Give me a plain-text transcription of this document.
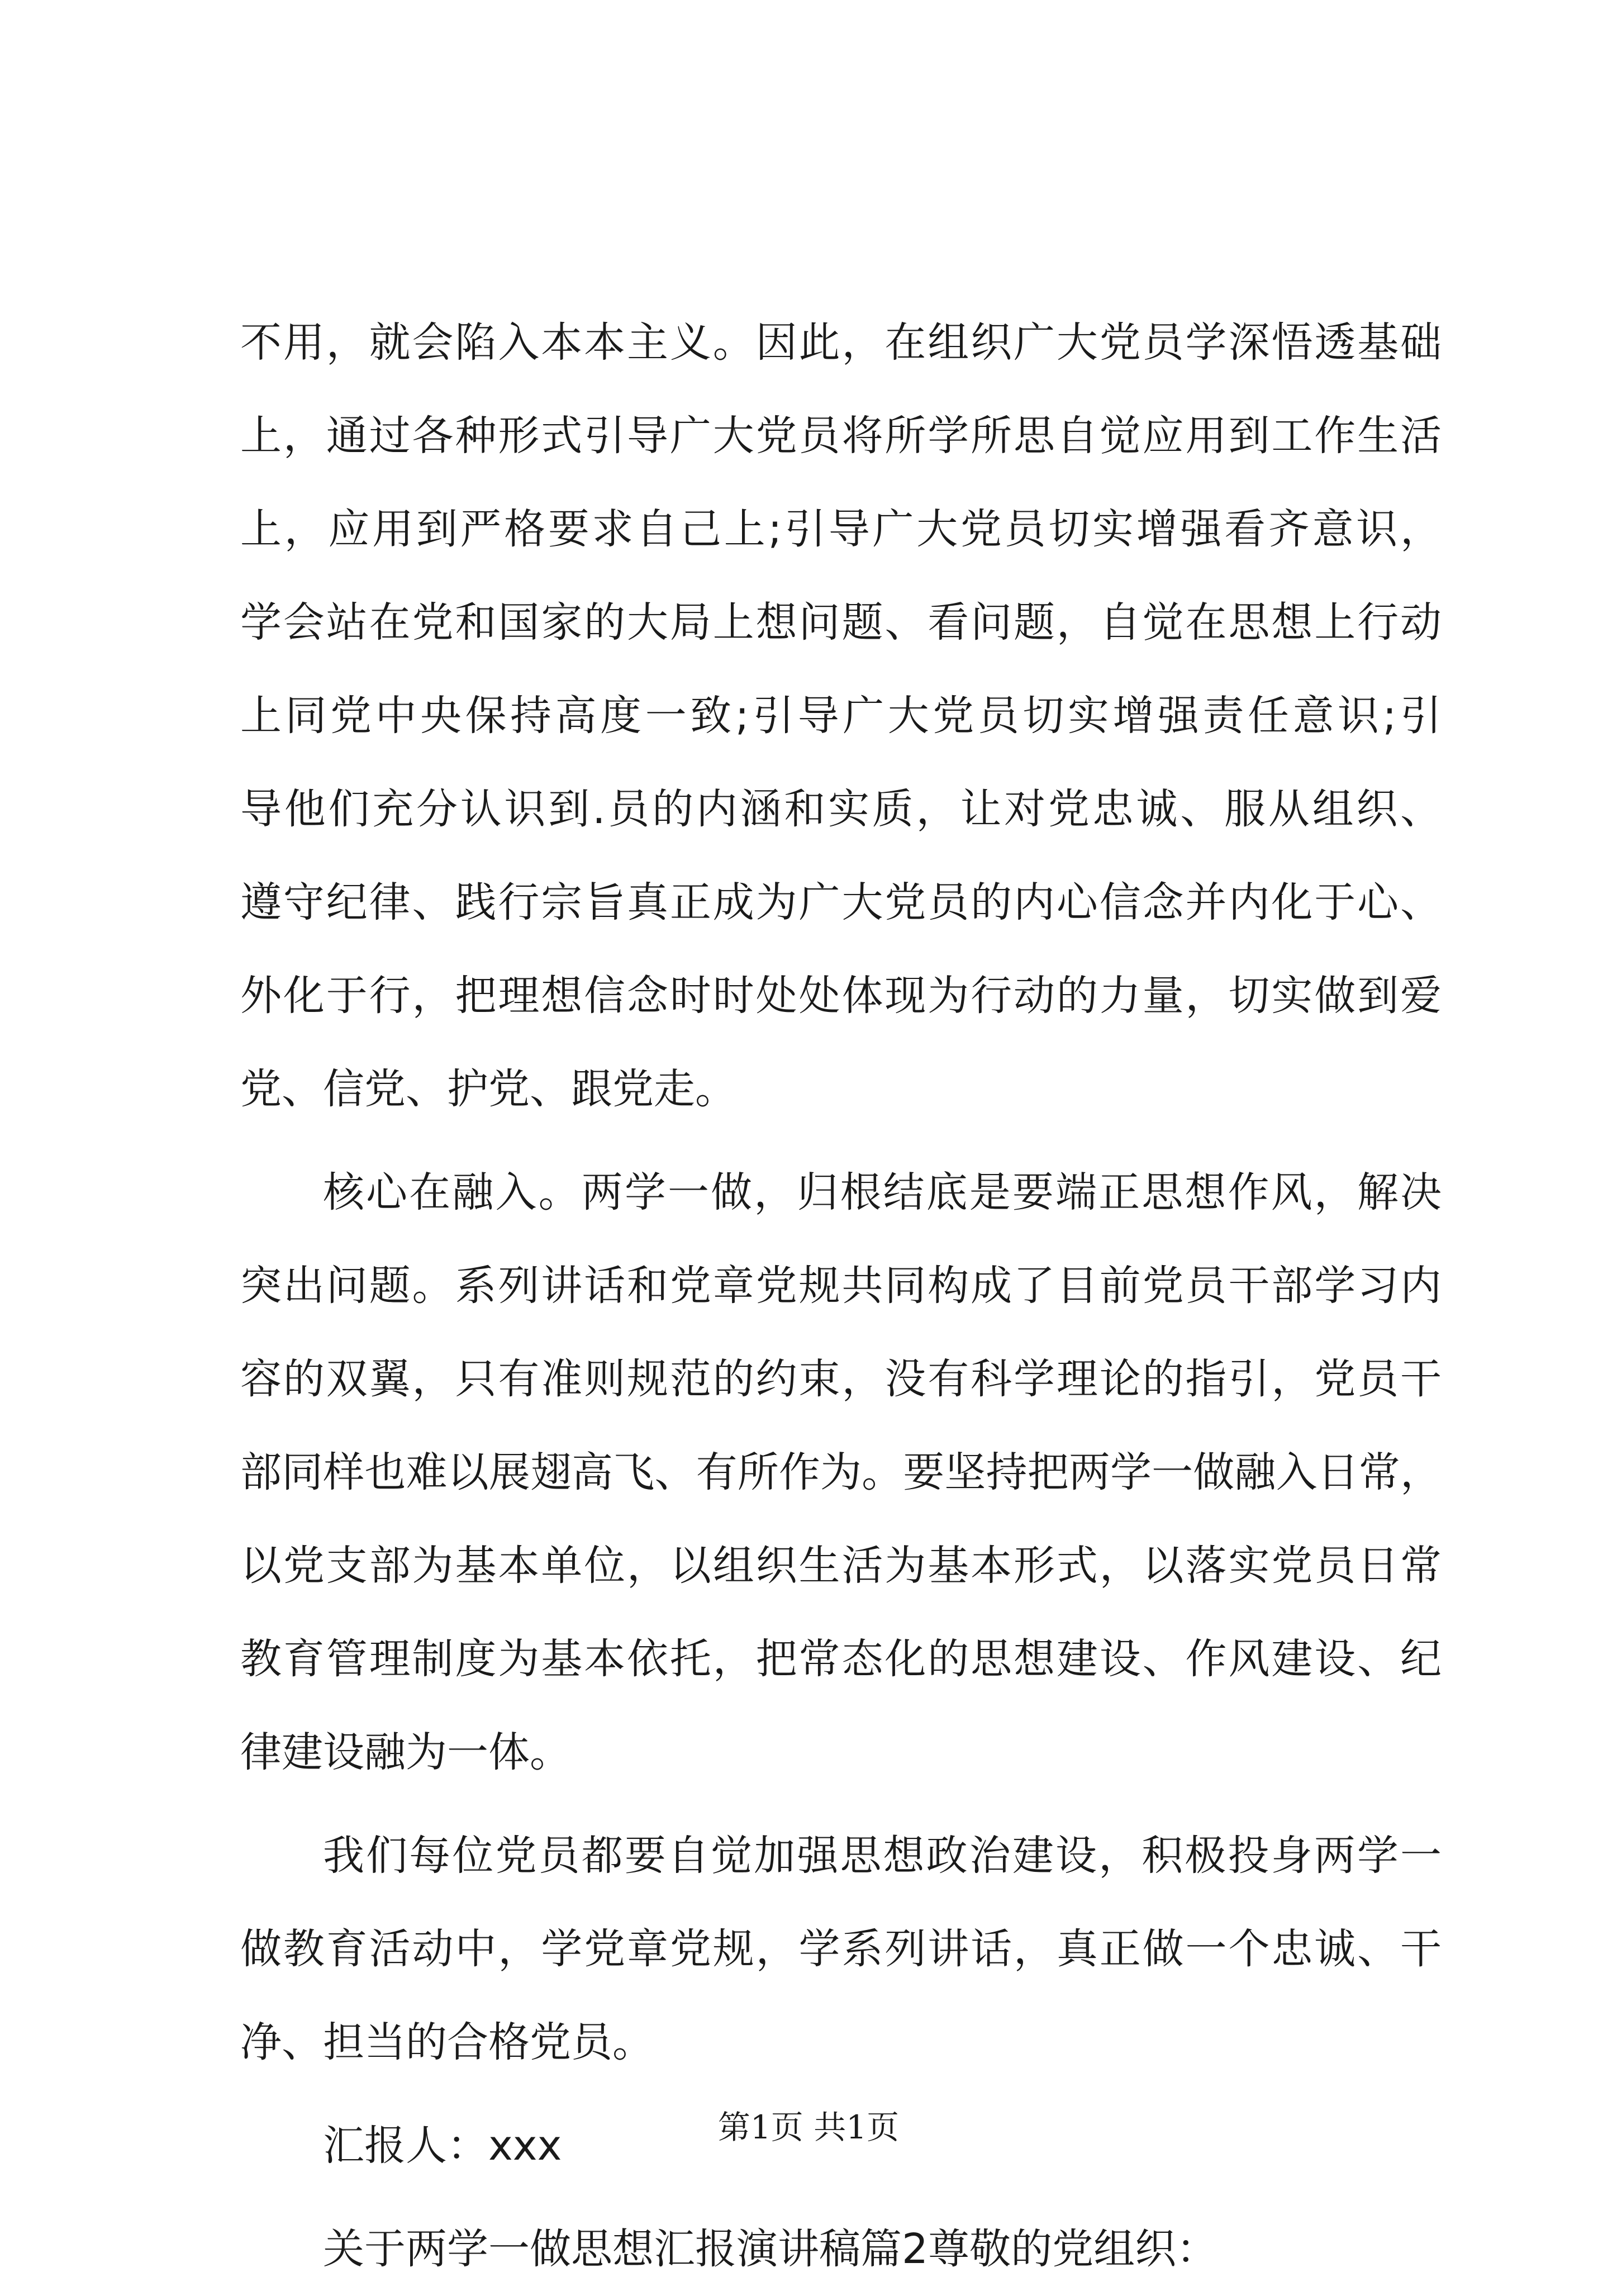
不用，就会陷入本本主义。因此，在组织广大党员学深悟透基础
上，通过各种形式引导广大党员将所学所思自觉应用到工作生活
上，应用到严格要求自己上;引导广大党员切实增强看齐意识，
学会站在党和国家的大局上想问题、看问题，自觉在思想上行动
上同党中央保持高度一致;引导广大党员切实增强责任意识;引
导他们充分认识到.员的内涵和实质，让对党忠诚、服从组织、
遵守纪律、践行宗旨真正成为广大党员的内心信念并内化于心、
外化于行，把理想信念时时处处体现为行动的力量，切实做到爱
党、信党、护党、跟党走。
核心在融入。两学一做，归根结底是要端正思想作风，解决
突出问题。系列讲话和党章党规共同构成了目前党员干部学习内
容的双翼，只有准则规范的约束，没有科学理论的指引，党员干
部同样也难以展翅高飞、有所作为。要坚持把两学一做融入日常，
以党支部为基本单位，以组织生活为基本形式，以落实党员日常
教育管理制度为基本依托，把常态化的思想建设、作风建设、纪
律建设融为一体。
我们每位党员都要自觉加强思想政治建设，积极投身两学一
做教育活动中，学党章党规，学系列讲话，真正做一个忠诚、干
净、担当的合格党员。
汇报人：xxx
关于两学一做思想汇报演讲稿篇2尊敬的党组织：
第1页 共1页
